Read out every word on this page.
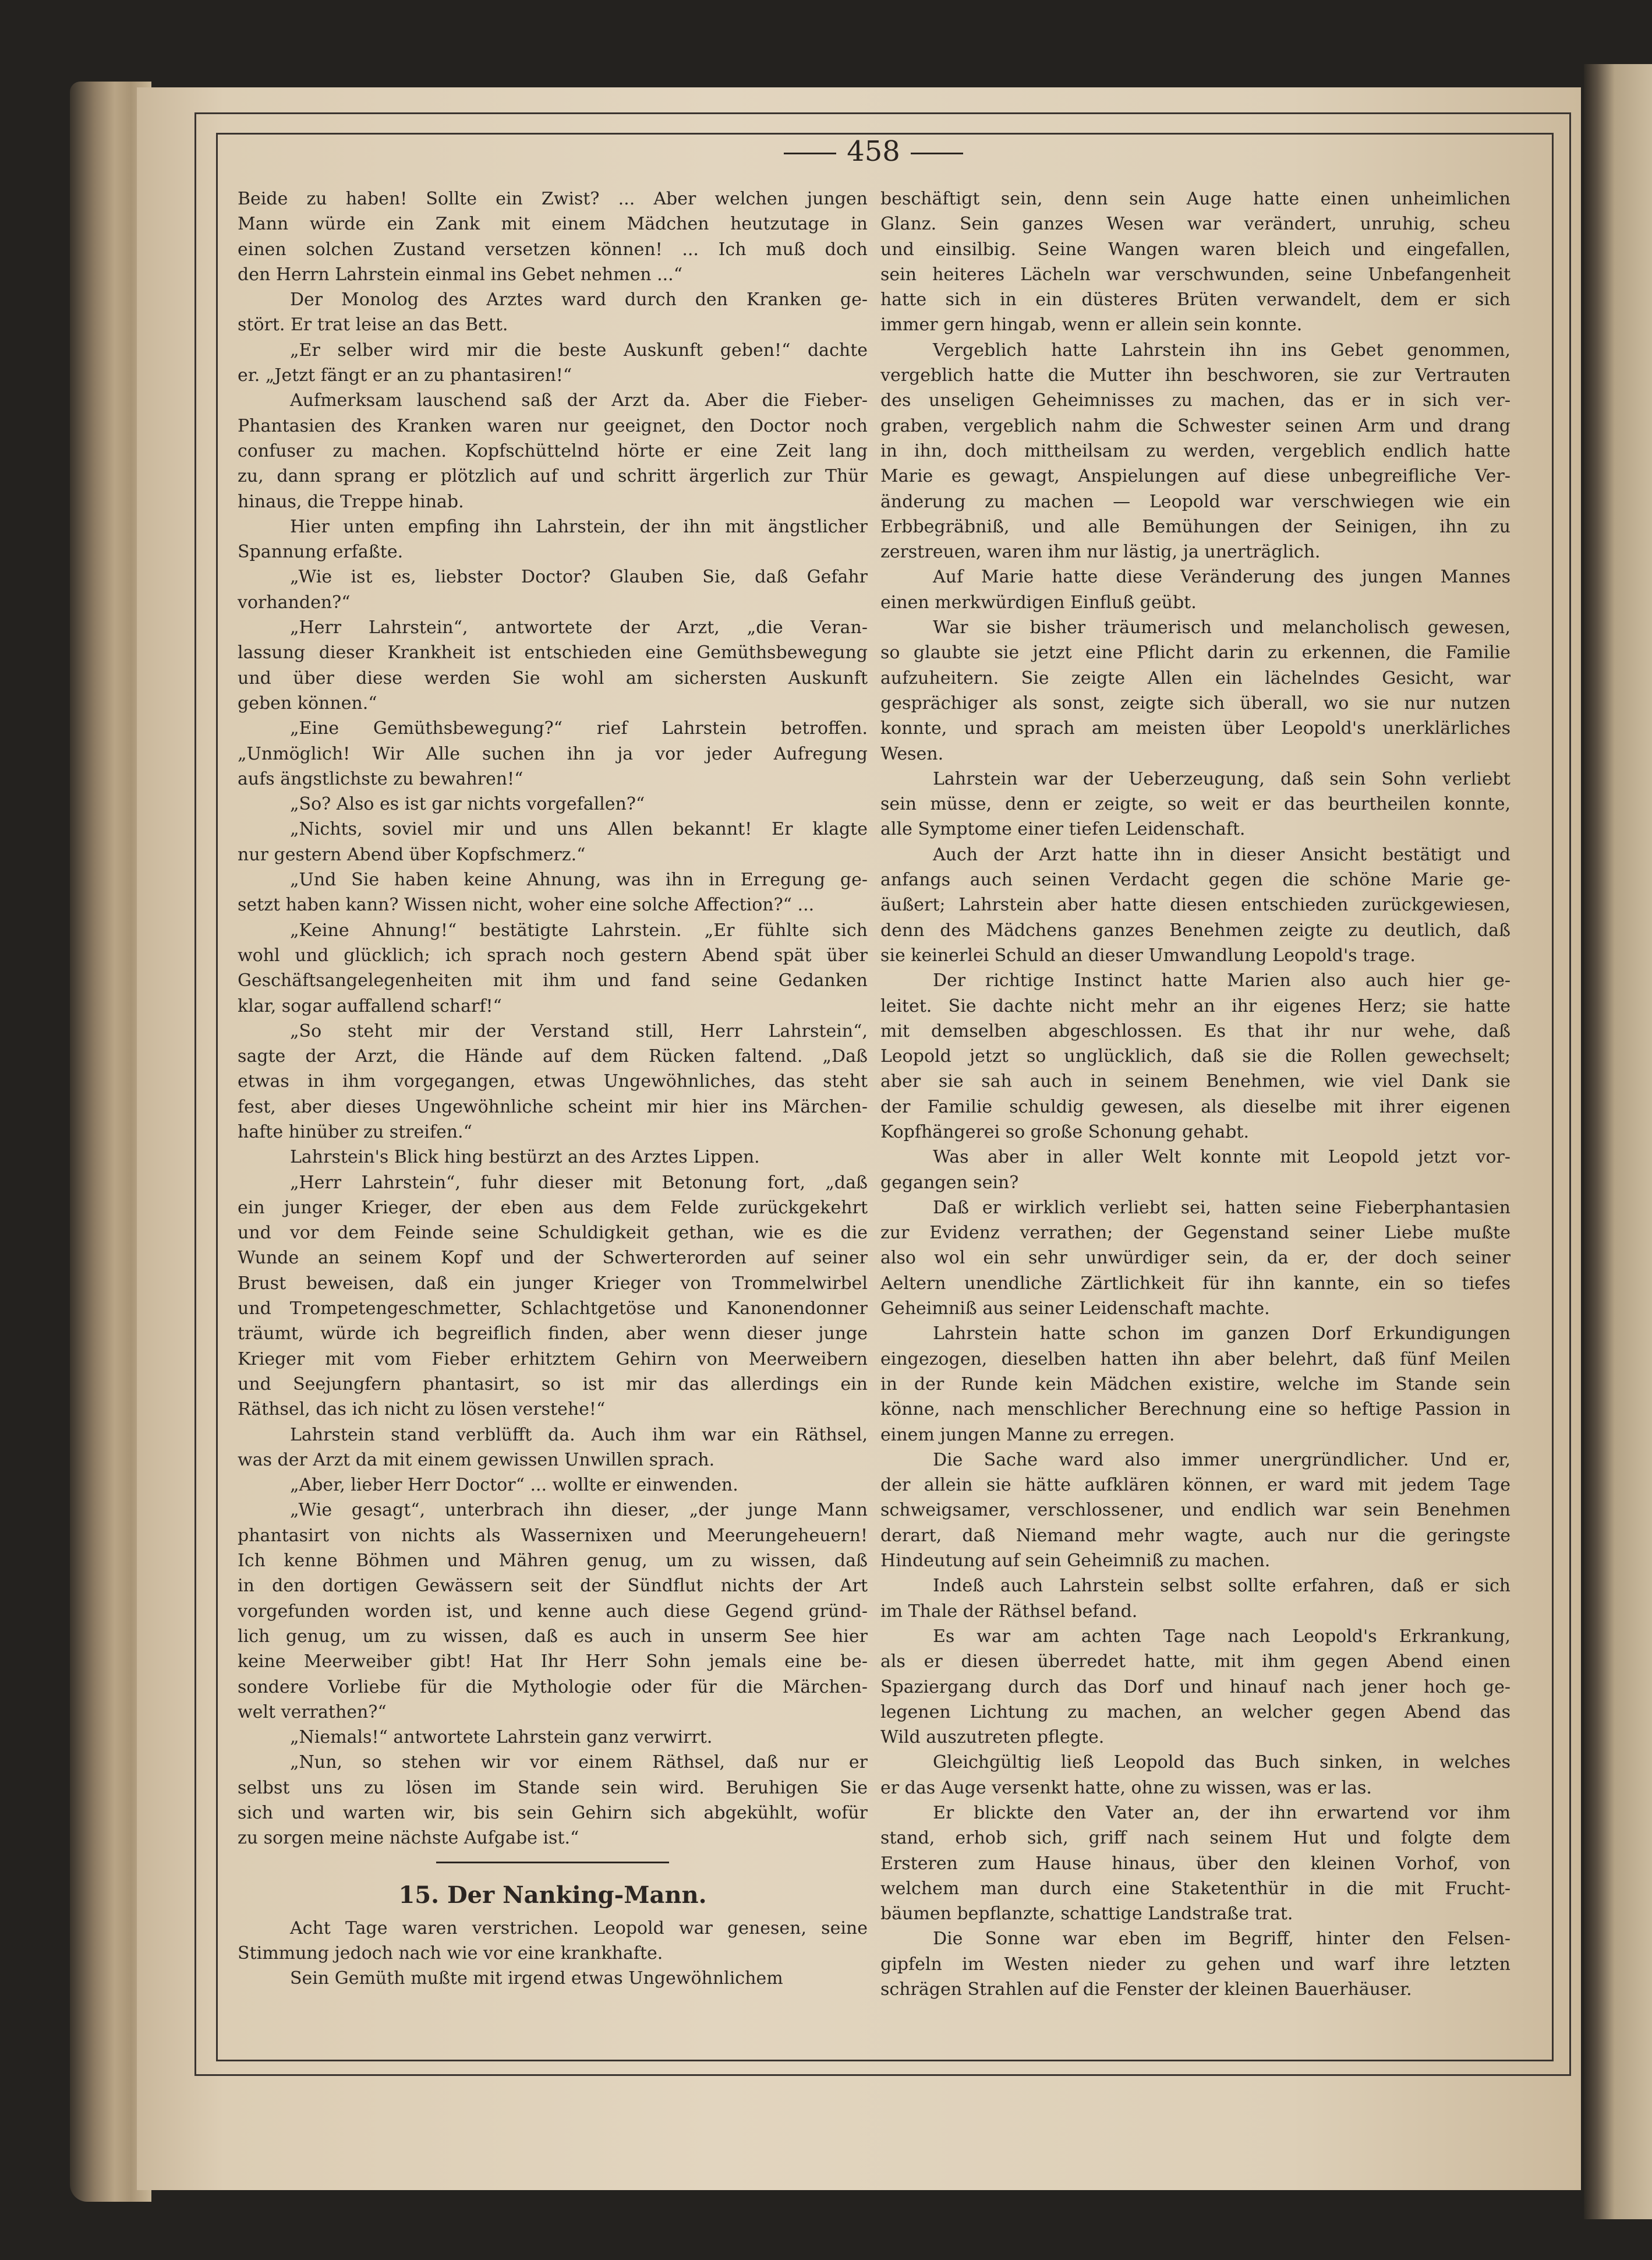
458
Beide zu haben! Sollte ein Zwist? ... Aber welchen jungen
Mann würde ein Zank mit einem Mädchen heutzutage in
einen solchen Zustand versetzen können! ... Ich muß doch
den Herrn Lahrstein einmal ins Gebet nehmen ...“
Der Monolog des Arztes ward durch den Kranken ge-
stört. Er trat leise an das Bett.
„Er selber wird mir die beste Auskunft geben!“ dachte
er. „Jetzt fängt er an zu phantasiren!“
Aufmerksam lauschend saß der Arzt da. Aber die Fieber-
Phantasien des Kranken waren nur geeignet, den Doctor noch
confuser zu machen. Kopfschüttelnd hörte er eine Zeit lang
zu, dann sprang er plötzlich auf und schritt ärgerlich zur Thür
hinaus, die Treppe hinab.
Hier unten empfing ihn Lahrstein, der ihn mit ängstlicher
Spannung erfaßte.
„Wie ist es, liebster Doctor? Glauben Sie, daß Gefahr
vorhanden?“
„Herr Lahrstein“, antwortete der Arzt, „die Veran-
lassung dieser Krankheit ist entschieden eine Gemüthsbewegung
und über diese werden Sie wohl am sichersten Auskunft
geben können.“
„Eine Gemüthsbewegung?“ rief Lahrstein betroffen.
„Unmöglich! Wir Alle suchen ihn ja vor jeder Aufregung
aufs ängstlichste zu bewahren!“
„So? Also es ist gar nichts vorgefallen?“
„Nichts, soviel mir und uns Allen bekannt! Er klagte
nur gestern Abend über Kopfschmerz.“
„Und Sie haben keine Ahnung, was ihn in Erregung ge-
setzt haben kann? Wissen nicht, woher eine solche Affection?“ ...
„Keine Ahnung!“ bestätigte Lahrstein. „Er fühlte sich
wohl und glücklich; ich sprach noch gestern Abend spät über
Geschäftsangelegenheiten mit ihm und fand seine Gedanken
klar, sogar auffallend scharf!“
„So steht mir der Verstand still, Herr Lahrstein“,
sagte der Arzt, die Hände auf dem Rücken faltend. „Daß
etwas in ihm vorgegangen, etwas Ungewöhnliches, das steht
fest, aber dieses Ungewöhnliche scheint mir hier ins Märchen-
hafte hinüber zu streifen.“
Lahrstein's Blick hing bestürzt an des Arztes Lippen.
„Herr Lahrstein“, fuhr dieser mit Betonung fort, „daß
ein junger Krieger, der eben aus dem Felde zurückgekehrt
und vor dem Feinde seine Schuldigkeit gethan, wie es die
Wunde an seinem Kopf und der Schwerterorden auf seiner
Brust beweisen, daß ein junger Krieger von Trommelwirbel
und Trompetengeschmetter, Schlachtgetöse und Kanonendonner
träumt, würde ich begreiflich finden, aber wenn dieser junge
Krieger mit vom Fieber erhitztem Gehirn von Meerweibern
und Seejungfern phantasirt, so ist mir das allerdings ein
Räthsel, das ich nicht zu lösen verstehe!“
Lahrstein stand verblüfft da. Auch ihm war ein Räthsel,
was der Arzt da mit einem gewissen Unwillen sprach.
„Aber, lieber Herr Doctor“ ... wollte er einwenden.
„Wie gesagt“, unterbrach ihn dieser, „der junge Mann
phantasirt von nichts als Wassernixen und Meerungeheuern!
Ich kenne Böhmen und Mähren genug, um zu wissen, daß
in den dortigen Gewässern seit der Sündflut nichts der Art
vorgefunden worden ist, und kenne auch diese Gegend gründ-
lich genug, um zu wissen, daß es auch in unserm See hier
keine Meerweiber gibt! Hat Ihr Herr Sohn jemals eine be-
sondere Vorliebe für die Mythologie oder für die Märchen-
welt verrathen?“
„Niemals!“ antwortete Lahrstein ganz verwirrt.
„Nun, so stehen wir vor einem Räthsel, daß nur er
selbst uns zu lösen im Stande sein wird. Beruhigen Sie
sich und warten wir, bis sein Gehirn sich abgekühlt, wofür
zu sorgen meine nächste Aufgabe ist.“
15. Der Nanking-Mann.
Acht Tage waren verstrichen. Leopold war genesen, seine
Stimmung jedoch nach wie vor eine krankhafte.
Sein Gemüth mußte mit irgend etwas Ungewöhnlichem
beschäftigt sein, denn sein Auge hatte einen unheimlichen
Glanz. Sein ganzes Wesen war verändert, unruhig, scheu
und einsilbig. Seine Wangen waren bleich und eingefallen,
sein heiteres Lächeln war verschwunden, seine Unbefangenheit
hatte sich in ein düsteres Brüten verwandelt, dem er sich
immer gern hingab, wenn er allein sein konnte.
Vergeblich hatte Lahrstein ihn ins Gebet genommen,
vergeblich hatte die Mutter ihn beschworen, sie zur Vertrauten
des unseligen Geheimnisses zu machen, das er in sich ver-
graben, vergeblich nahm die Schwester seinen Arm und drang
in ihn, doch mittheilsam zu werden, vergeblich endlich hatte
Marie es gewagt, Anspielungen auf diese unbegreifliche Ver-
änderung zu machen — Leopold war verschwiegen wie ein
Erbbegräbniß, und alle Bemühungen der Seinigen, ihn zu
zerstreuen, waren ihm nur lästig, ja unerträglich.
Auf Marie hatte diese Veränderung des jungen Mannes
einen merkwürdigen Einfluß geübt.
War sie bisher träumerisch und melancholisch gewesen,
so glaubte sie jetzt eine Pflicht darin zu erkennen, die Familie
aufzuheitern. Sie zeigte Allen ein lächelndes Gesicht, war
gesprächiger als sonst, zeigte sich überall, wo sie nur nutzen
konnte, und sprach am meisten über Leopold's unerklärliches
Wesen.
Lahrstein war der Ueberzeugung, daß sein Sohn verliebt
sein müsse, denn er zeigte, so weit er das beurtheilen konnte,
alle Symptome einer tiefen Leidenschaft.
Auch der Arzt hatte ihn in dieser Ansicht bestätigt und
anfangs auch seinen Verdacht gegen die schöne Marie ge-
äußert; Lahrstein aber hatte diesen entschieden zurückgewiesen,
denn des Mädchens ganzes Benehmen zeigte zu deutlich, daß
sie keinerlei Schuld an dieser Umwandlung Leopold's trage.
Der richtige Instinct hatte Marien also auch hier ge-
leitet. Sie dachte nicht mehr an ihr eigenes Herz; sie hatte
mit demselben abgeschlossen. Es that ihr nur wehe, daß
Leopold jetzt so unglücklich, daß sie die Rollen gewechselt;
aber sie sah auch in seinem Benehmen, wie viel Dank sie
der Familie schuldig gewesen, als dieselbe mit ihrer eigenen
Kopfhängerei so große Schonung gehabt.
Was aber in aller Welt konnte mit Leopold jetzt vor-
gegangen sein?
Daß er wirklich verliebt sei, hatten seine Fieberphantasien
zur Evidenz verrathen; der Gegenstand seiner Liebe mußte
also wol ein sehr unwürdiger sein, da er, der doch seiner
Aeltern unendliche Zärtlichkeit für ihn kannte, ein so tiefes
Geheimniß aus seiner Leidenschaft machte.
Lahrstein hatte schon im ganzen Dorf Erkundigungen
eingezogen, dieselben hatten ihn aber belehrt, daß fünf Meilen
in der Runde kein Mädchen existire, welche im Stande sein
könne, nach menschlicher Berechnung eine so heftige Passion in
einem jungen Manne zu erregen.
Die Sache ward also immer unergründlicher. Und er,
der allein sie hätte aufklären können, er ward mit jedem Tage
schweigsamer, verschlossener, und endlich war sein Benehmen
derart, daß Niemand mehr wagte, auch nur die geringste
Hindeutung auf sein Geheimniß zu machen.
Indeß auch Lahrstein selbst sollte erfahren, daß er sich
im Thale der Räthsel befand.
Es war am achten Tage nach Leopold's Erkrankung,
als er diesen überredet hatte, mit ihm gegen Abend einen
Spaziergang durch das Dorf und hinauf nach jener hoch ge-
legenen Lichtung zu machen, an welcher gegen Abend das
Wild auszutreten pflegte.
Gleichgültig ließ Leopold das Buch sinken, in welches
er das Auge versenkt hatte, ohne zu wissen, was er las.
Er blickte den Vater an, der ihn erwartend vor ihm
stand, erhob sich, griff nach seinem Hut und folgte dem
Ersteren zum Hause hinaus, über den kleinen Vorhof, von
welchem man durch eine Staketenthür in die mit Frucht-
bäumen bepflanzte, schattige Landstraße trat.
Die Sonne war eben im Begriff, hinter den Felsen-
gipfeln im Westen nieder zu gehen und warf ihre letzten
schrägen Strahlen auf die Fenster der kleinen Bauerhäuser.
